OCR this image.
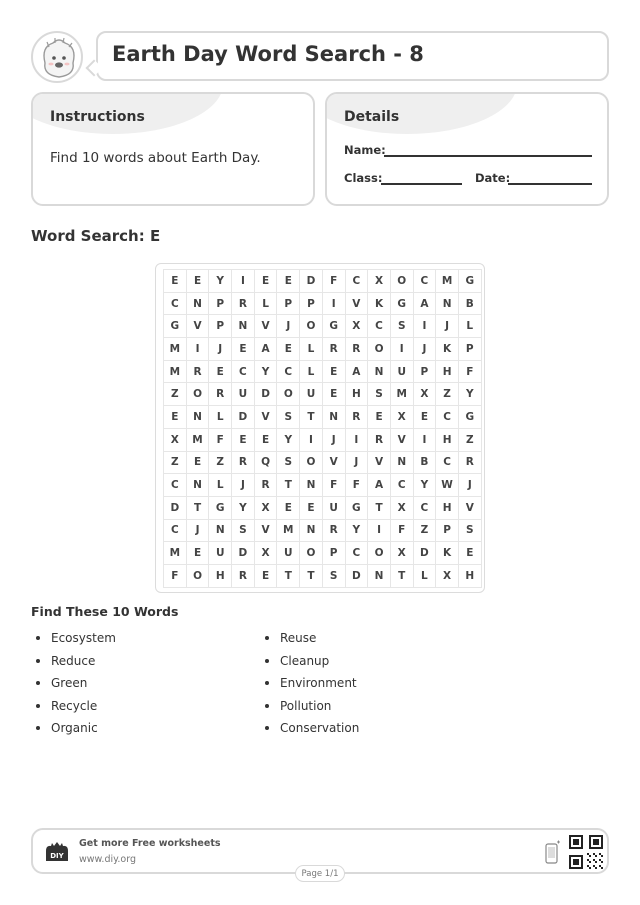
Earth Day Word Search - 8
Instructions
Find 10 words about Earth Day.
Details
Name:
Class:	Date:
Word Search: E
E	E	Y	I	E	E	D	F	C	X	O	C	M	G
C	N	P	R	L	P	P	I	V	K	G	A	N	B
G	V	P	N	V	J	O	G	X	C	S	I	J	L
M	I	J	E	A	E	L	R	R	O	I	J	K	P
M	R	E	C	Y	C	L	E	A	N	U	P	H	F
Z	O	R	U	D	O	U	E	H	S	M	X	Z	Y
E	N	L	D	V	S	T	N	R	E	X	E	C	G
X	M	F	E	E	Y	I	J	I	R	V	I	H	Z
Z	E	Z	R	Q	S	O	V	J	V	N	B	C	R
C	N	L	J	R	T	N	F	F	A	C	Y	W	J
D	T	G	Y	X	E	E	U	G	T	X	C	H	V
C	J	N	S	V	M	N	R	Y	I	F	Z	P	S
M	E	U	D	X	U	O	P	C	O	X	D	K	E
F	O	H	R	E	T	T	S	D	N	T	L	X	H
Find These 10 Words
Ecosystem
Reduce
Green
Recycle
Organic
Reuse
Cleanup
Environment
Pollution
Conservation
DIY
Get more Free worksheets
www.diy.org
Page 1/1
